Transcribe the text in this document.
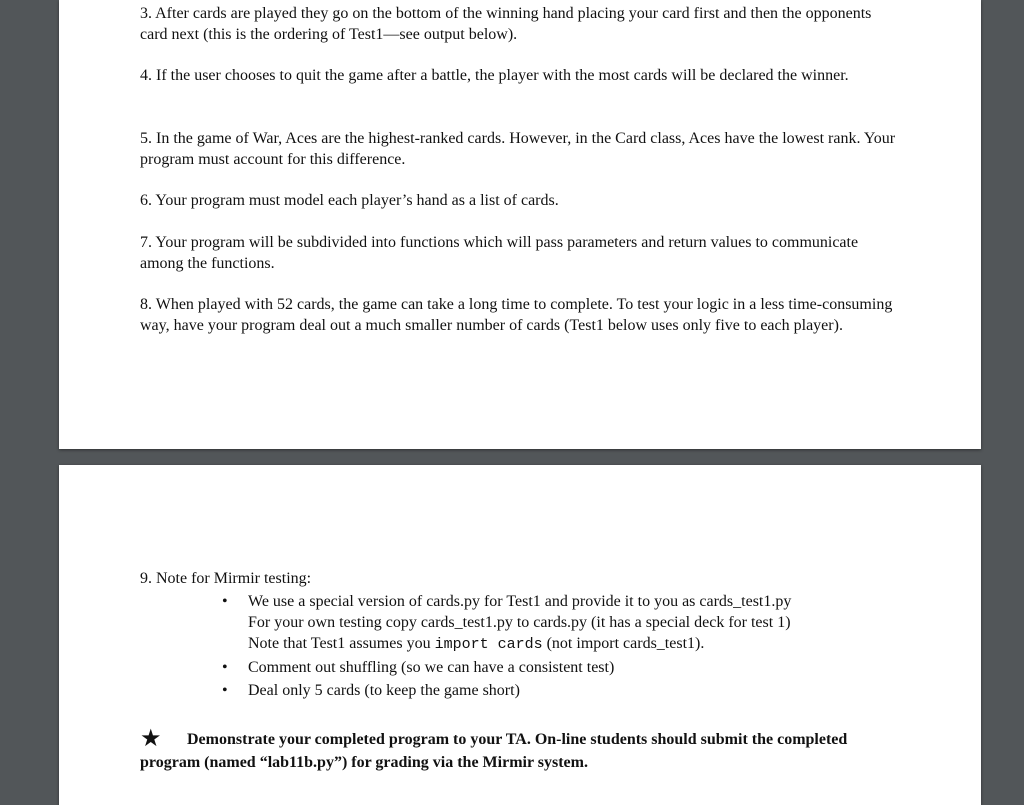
3. After cards are played they go on the bottom of the winning hand placing your card first and then the opponents card next (this is the ordering of Test1—see output below).

4. If the user chooses to quit the game after a battle, the player with the most cards will be declared the winner.

5. In the game of War, Aces are the highest-ranked cards. However, in the Card class, Aces have the lowest rank. Your program must account for this difference.

6. Your program must model each player’s hand as a list of cards.

7. Your program will be subdivided into functions which will pass parameters and return values to communicate among the functions.

8. When played with 52 cards, the game can take a long time to complete. To test your logic in a less time-consuming way, have your program deal out a much smaller number of cards (Test1 below uses only five to each player).

9. Note for Mirmir testing:

• We use a special version of cards.py for Test1 and provide it to you as cards_test1.py
For your own testing copy cards_test1.py to cards.py (it has a special deck for test 1)
Note that Test1 assumes you import cards (not import cards_test1).
• Comment out shuffling (so we can have a consistent test)
• Deal only 5 cards (to keep the game short)

★ Demonstrate your completed program to your TA. On-line students should submit the completed program (named “lab11b.py”) for grading via the Mirmir system.
